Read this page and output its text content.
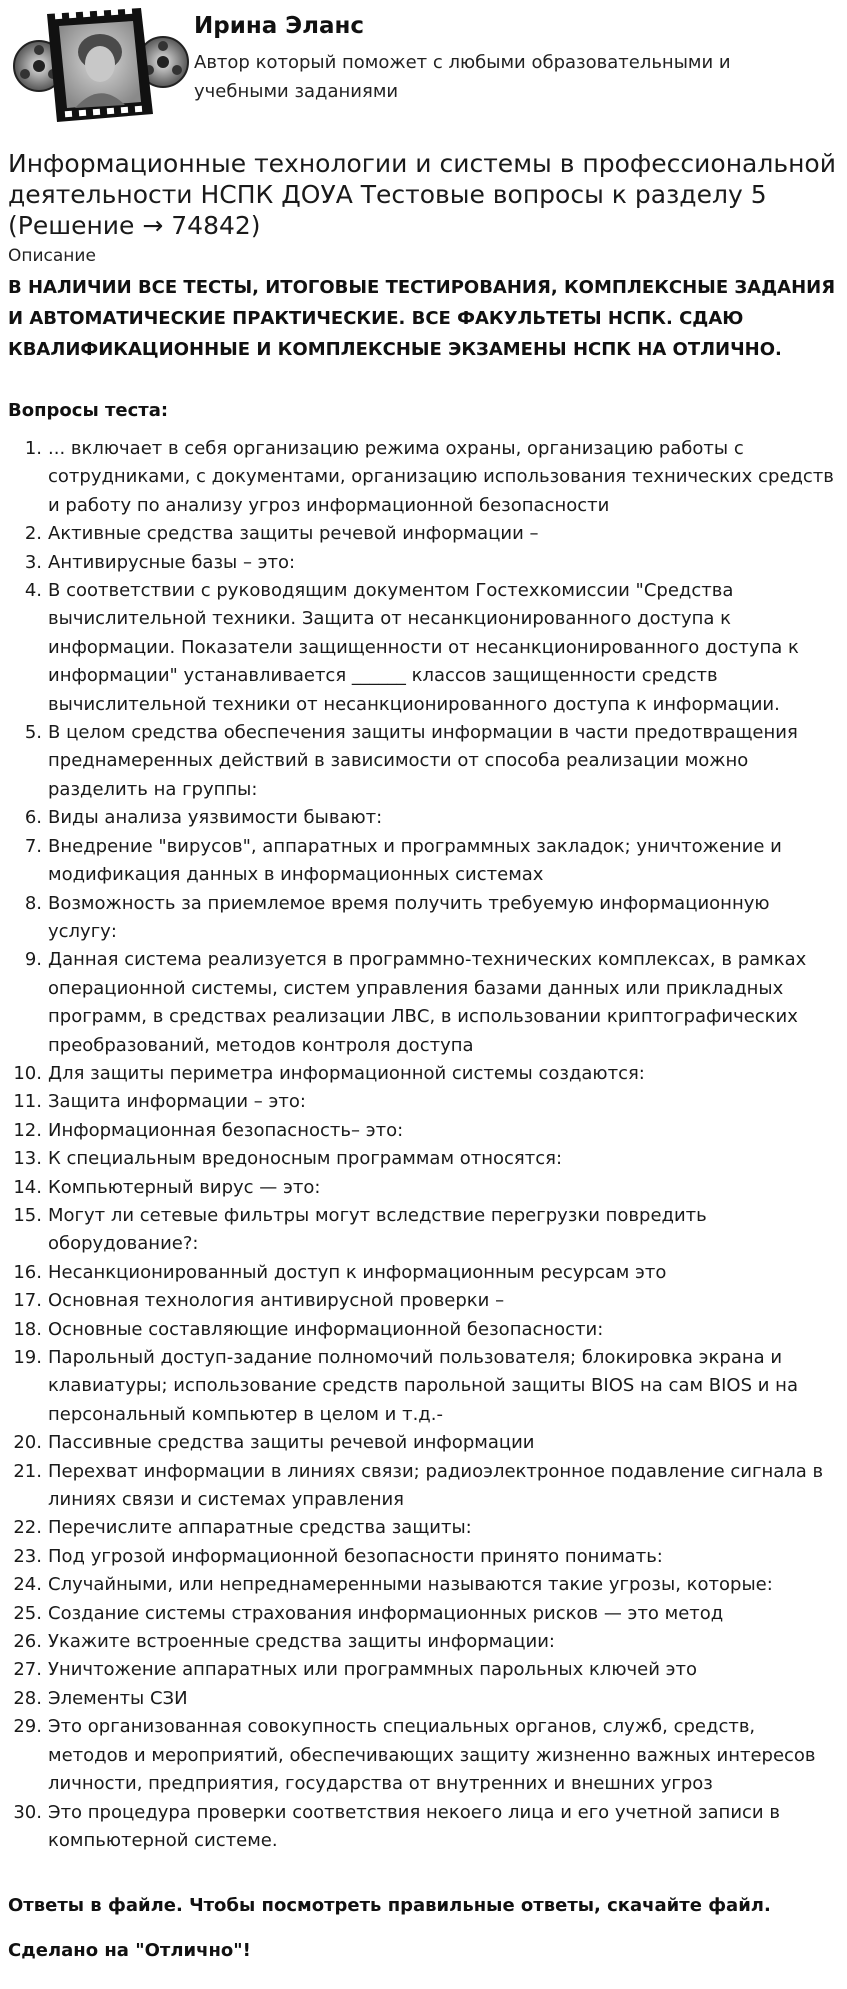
Ирина Эланс
Автор который поможет с любыми образовательными и учебными заданиями
Информационные технологии и системы в профессиональной деятельности НСПК ДОУА Тестовые вопросы к разделу 5 (Решение → 74842)
Описание
В НАЛИЧИИ ВСЕ ТЕСТЫ, ИТОГОВЫЕ ТЕСТИРОВАНИЯ, КОМПЛЕКСНЫЕ ЗАДАНИЯ И АВТОМАТИЧЕСКИЕ ПРАКТИЧЕСКИЕ. ВСЕ ФАКУЛЬТЕТЫ НСПК. СДАЮ КВАЛИФИКАЦИОННЫЕ И КОМПЛЕКСНЫЕ ЭКЗАМЕНЫ НСПК НА ОТЛИЧНО.
Вопросы теста:
1. ... включает в себя организацию режима охраны, организацию работы с сотрудниками, с документами, организацию использования технических средств и работу по анализу угроз информационной безопасности
2. Активные средства защиты речевой информации –
3. Антивирусные базы – это:
4. В соответствии с руководящим документом Гостехкомиссии "Средства вычислительной техники. Защита от несанкционированного доступа к информации. Показатели защищенности от несанкционированного доступа к информации" устанавливается ______ классов защищенности средств вычислительной техники от несанкционированного доступа к информации.
5. В целом средства обеспечения защиты информации в части предотвращения преднамеренных действий в зависимости от способа реализации можно разделить на группы:
6. Виды анализа уязвимости бывают:
7. Внедрение "вирусов", аппаратных и программных закладок; уничтожение и модификация данных в информационных системах
8. Возможность за приемлемое время получить требуемую информационную услугу:
9. Данная система реализуется в программно-технических комплексах, в рамках операционной системы, систем управления базами данных или прикладных программ, в средствах реализации ЛВС, в использовании криптографических преобразований, методов контроля доступа
10. Для защиты периметра информационной системы создаются:
11. Защита информации – это:
12. Информационная безопасность– это:
13. К специальным вредоносным программам относятся:
14. Компьютерный вирус — это:
15. Могут ли сетевые фильтры могут вследствие перегрузки повредить оборудование?:
16. Несанкционированный доступ к информационным ресурсам это
17. Основная технология антивирусной проверки –
18. Основные составляющие информационной безопасности:
19. Парольный доступ-задание полномочий пользователя; блокировка экрана и клавиатуры; использование средств парольной защиты BIOS на сам BIOS и на персональный компьютер в целом и т.д.-
20. Пассивные средства защиты речевой информации
21. Перехват информации в линиях связи; радиоэлектронное подавление сигнала в линиях связи и системах управления
22. Перечислите аппаратные средства защиты:
23. Под угрозой информационной безопасности принято понимать:
24. Случайными, или непреднамеренными называются такие угрозы, которые:
25. Создание системы страхования информационных рисков — это метод
26. Укажите встроенные средства защиты информации:
27. Уничтожение аппаратных или программных парольных ключей это
28. Элементы СЗИ
29. Это организованная совокупность специальных органов, служб, средств, методов и мероприятий, обеспечивающих защиту жизненно важных интересов личности, предприятия, государства от внутренних и внешних угроз
30. Это процедура проверки соответствия некоего лица и его учетной записи в компьютерной системе.
Ответы в файле. Чтобы посмотреть правильные ответы, скачайте файл.
Сделано на "Отлично"!
